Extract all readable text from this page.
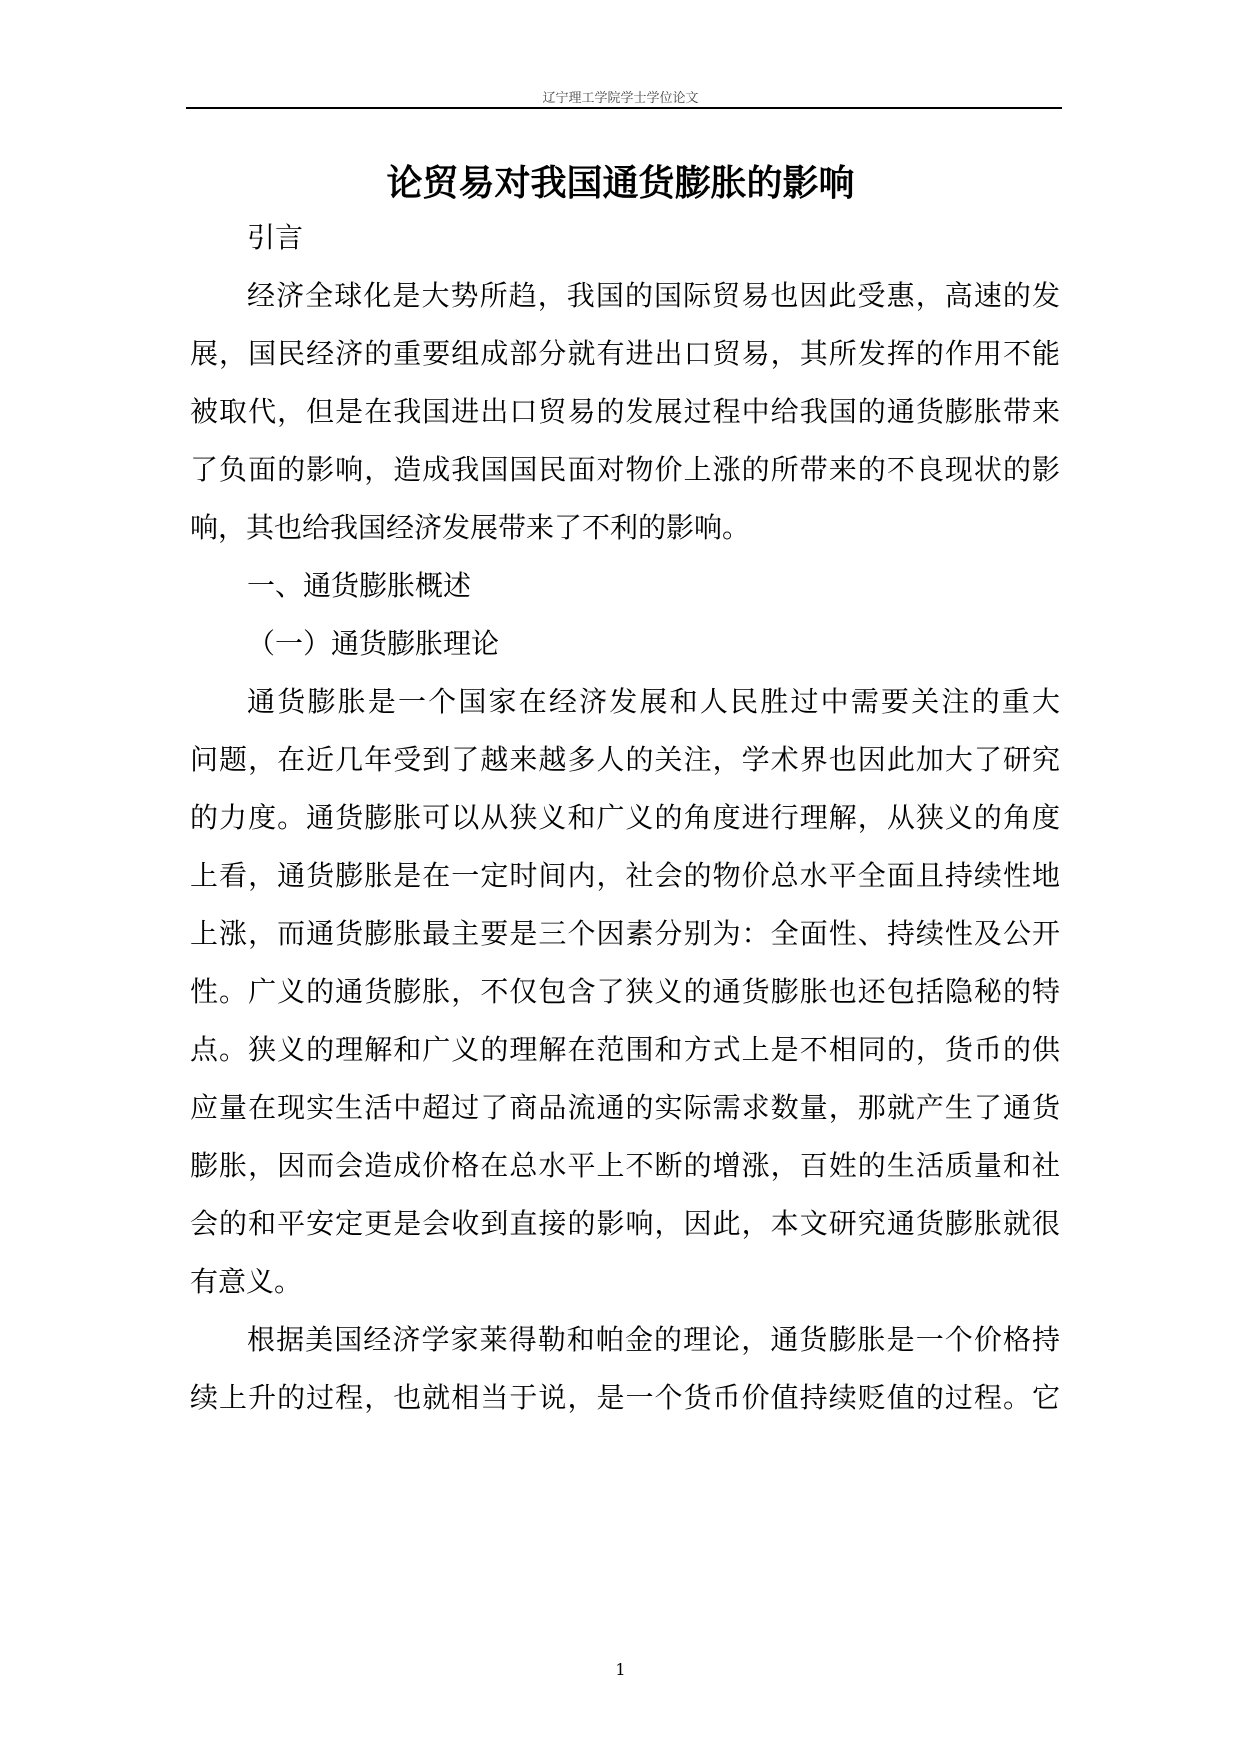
辽宁理工学院学士学位论文
论贸易对我国通货膨胀的影响
引言
经济全球化是大势所趋，我国的国际贸易也因此受惠，高速的发
展，国民经济的重要组成部分就有进出口贸易，其所发挥的作用不能
被取代，但是在我国进出口贸易的发展过程中给我国的通货膨胀带来
了负面的影响，造成我国国民面对物价上涨的所带来的不良现状的影
响，其也给我国经济发展带来了不利的影响。
一、通货膨胀概述
（一）通货膨胀理论
通货膨胀是一个国家在经济发展和人民胜过中需要关注的重大
问题，在近几年受到了越来越多人的关注，学术界也因此加大了研究
的力度。通货膨胀可以从狭义和广义的角度进行理解，从狭义的角度
上看，通货膨胀是在一定时间内，社会的物价总水平全面且持续性地
上涨，而通货膨胀最主要是三个因素分别为：全面性、持续性及公开
性。广义的通货膨胀，不仅包含了狭义的通货膨胀也还包括隐秘的特
点。狭义的理解和广义的理解在范围和方式上是不相同的，货币的供
应量在现实生活中超过了商品流通的实际需求数量，那就产生了通货
膨胀，因而会造成价格在总水平上不断的增涨，百姓的生活质量和社
会的和平安定更是会收到直接的影响，因此，本文研究通货膨胀就很
有意义。
根据美国经济学家莱得勒和帕金的理论，通货膨胀是一个价格持
续上升的过程，也就相当于说，是一个货币价值持续贬值的过程。它
1
